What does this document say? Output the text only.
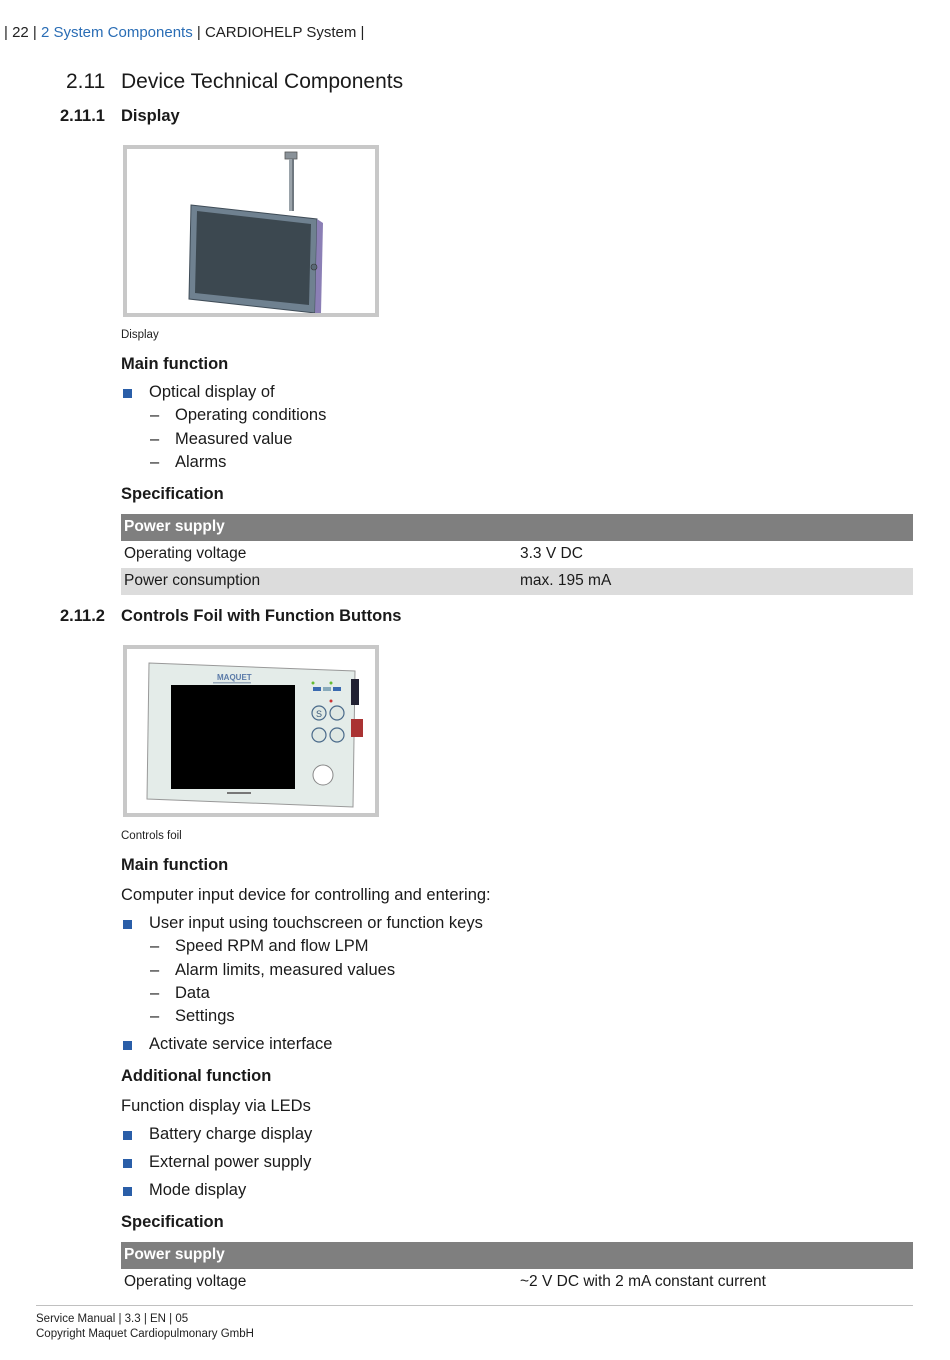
| 22 | 2 System Components | CARDIOHELP System |
2.11 Device Technical Components
2.11.1 Display
Display
Main function
Optical display of
– Operating conditions
– Measured value
– Alarms
Specification
Power supply
Operating voltage	3.3 V DC
Power consumption	max. 195 mA
2.11.2 Controls Foil with Function Buttons
MAQUET
S
Controls foil
Main function
Computer input device for controlling and entering:
User input using touchscreen or function keys
– Speed RPM and flow LPM
– Alarm limits, measured values
– Data
– Settings
Activate service interface
Additional function
Function display via LEDs
Battery charge display
External power supply
Mode display
Specification
Power supply
Operating voltage	~2 V DC with 2 mA constant current
Service Manual | 3.3 | EN | 05
Copyright Maquet Cardiopulmonary GmbH
